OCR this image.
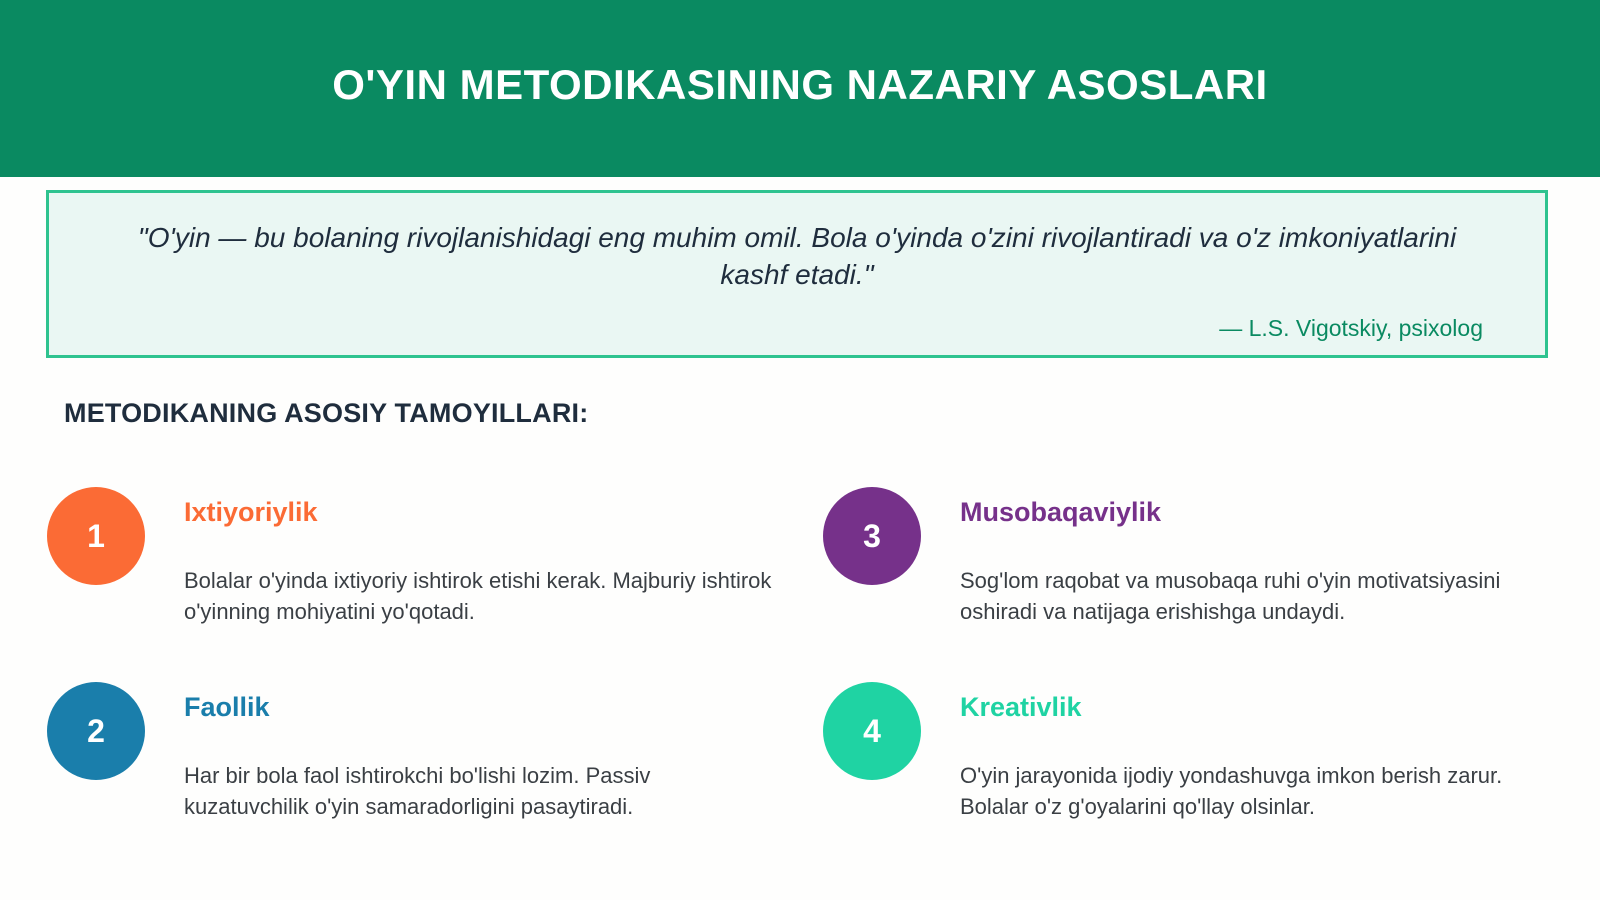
O'YIN METODIKASINING NAZARIY ASOSLARI
"O'yin — bu bolaning rivojlanishidagi eng muhim omil. Bola o'yinda o'zini rivojlantiradi va o'z imkoniyatlarini kashf etadi."
— L.S. Vigotskiy, psixolog
METODIKANING ASOSIY TAMOYILLARI:
1
Ixtiyoriylik
Bolalar o'yinda ixtiyoriy ishtirok etishi kerak. Majburiy ishtirok o'yinning mohiyatini yo'qotadi.
2
Faollik
Har bir bola faol ishtirokchi bo'lishi lozim. Passiv kuzatuvchilik o'yin samaradorligini pasaytiradi.
3
Musobaqaviylik
Sog'lom raqobat va musobaqa ruhi o'yin motivatsiyasini oshiradi va natijaga erishishga undaydi.
4
Kreativlik
O'yin jarayonida ijodiy yondashuvga imkon berish zarur. Bolalar o'z g'oyalarini qo'llay olsinlar.
